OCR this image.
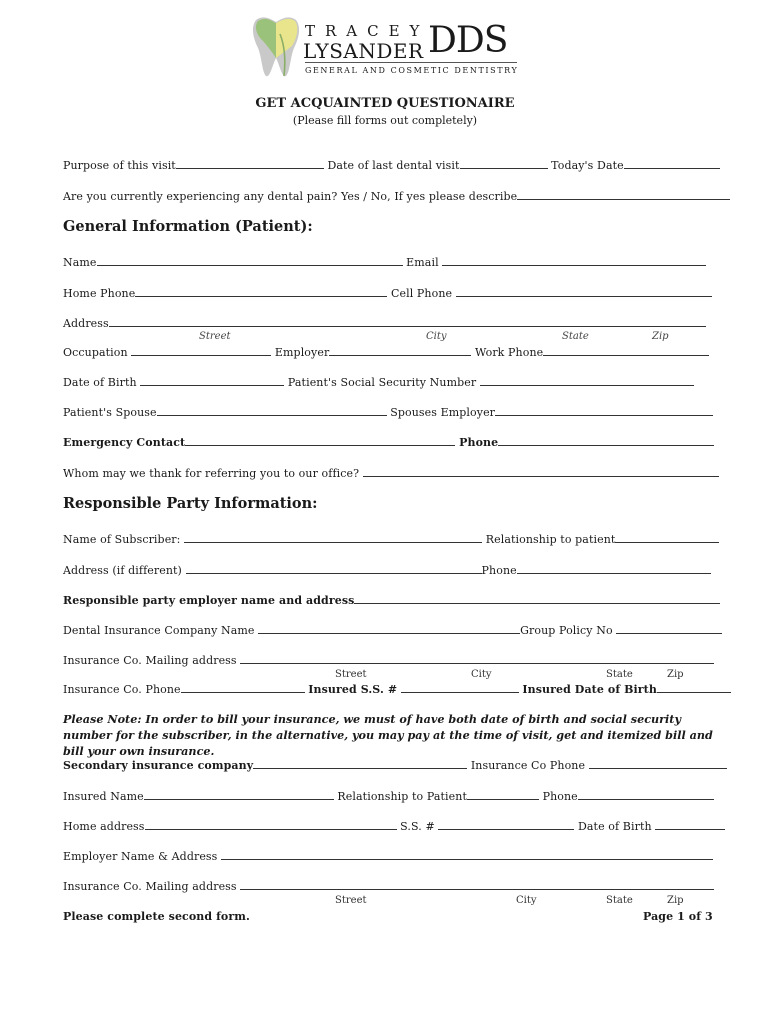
TRACEY
LYSANDER DDS
GENERAL AND COSMETIC DENTISTRY
GET ACQUAINTED QUESTIONAIRE
(Please fill forms out completely)
Purpose of this visit	Date of last dental visit	Today's Date
Are you currently experiencing any dental pain? Yes / No, If yes please describe
General Information (Patient):
Name	Email
Home Phone	Cell Phone
Address
Street	City	State	Zip
Occupation	Employer	Work Phone
Date of Birth	Patient's Social Security Number
Patient's Spouse	Spouses Employer
Emergency Contact	Phone
Whom may we thank for referring you to our office?
Responsible Party Information:
Name of Subscriber:	Relationship to patient
Address (if different)	Phone
Responsible party employer name and address
Dental Insurance Company Name	Group Policy No
Insurance Co. Mailing address
Street	City	State	Zip
Insurance Co. Phone	Insured S.S. #	Insured Date of Birth
Please Note: In order to bill your insurance, we must of have both date of birth and social security number for the subscriber, in the alternative, you may pay at the time of visit, get and itemized bill and bill your own insurance.
Secondary insurance company	Insurance Co Phone
Insured Name	Relationship to Patient	Phone
Home address	S.S. #	Date of Birth
Employer Name & Address
Insurance Co. Mailing address
Street	City	State	Zip
Please complete second form.	Page 1 of 3
